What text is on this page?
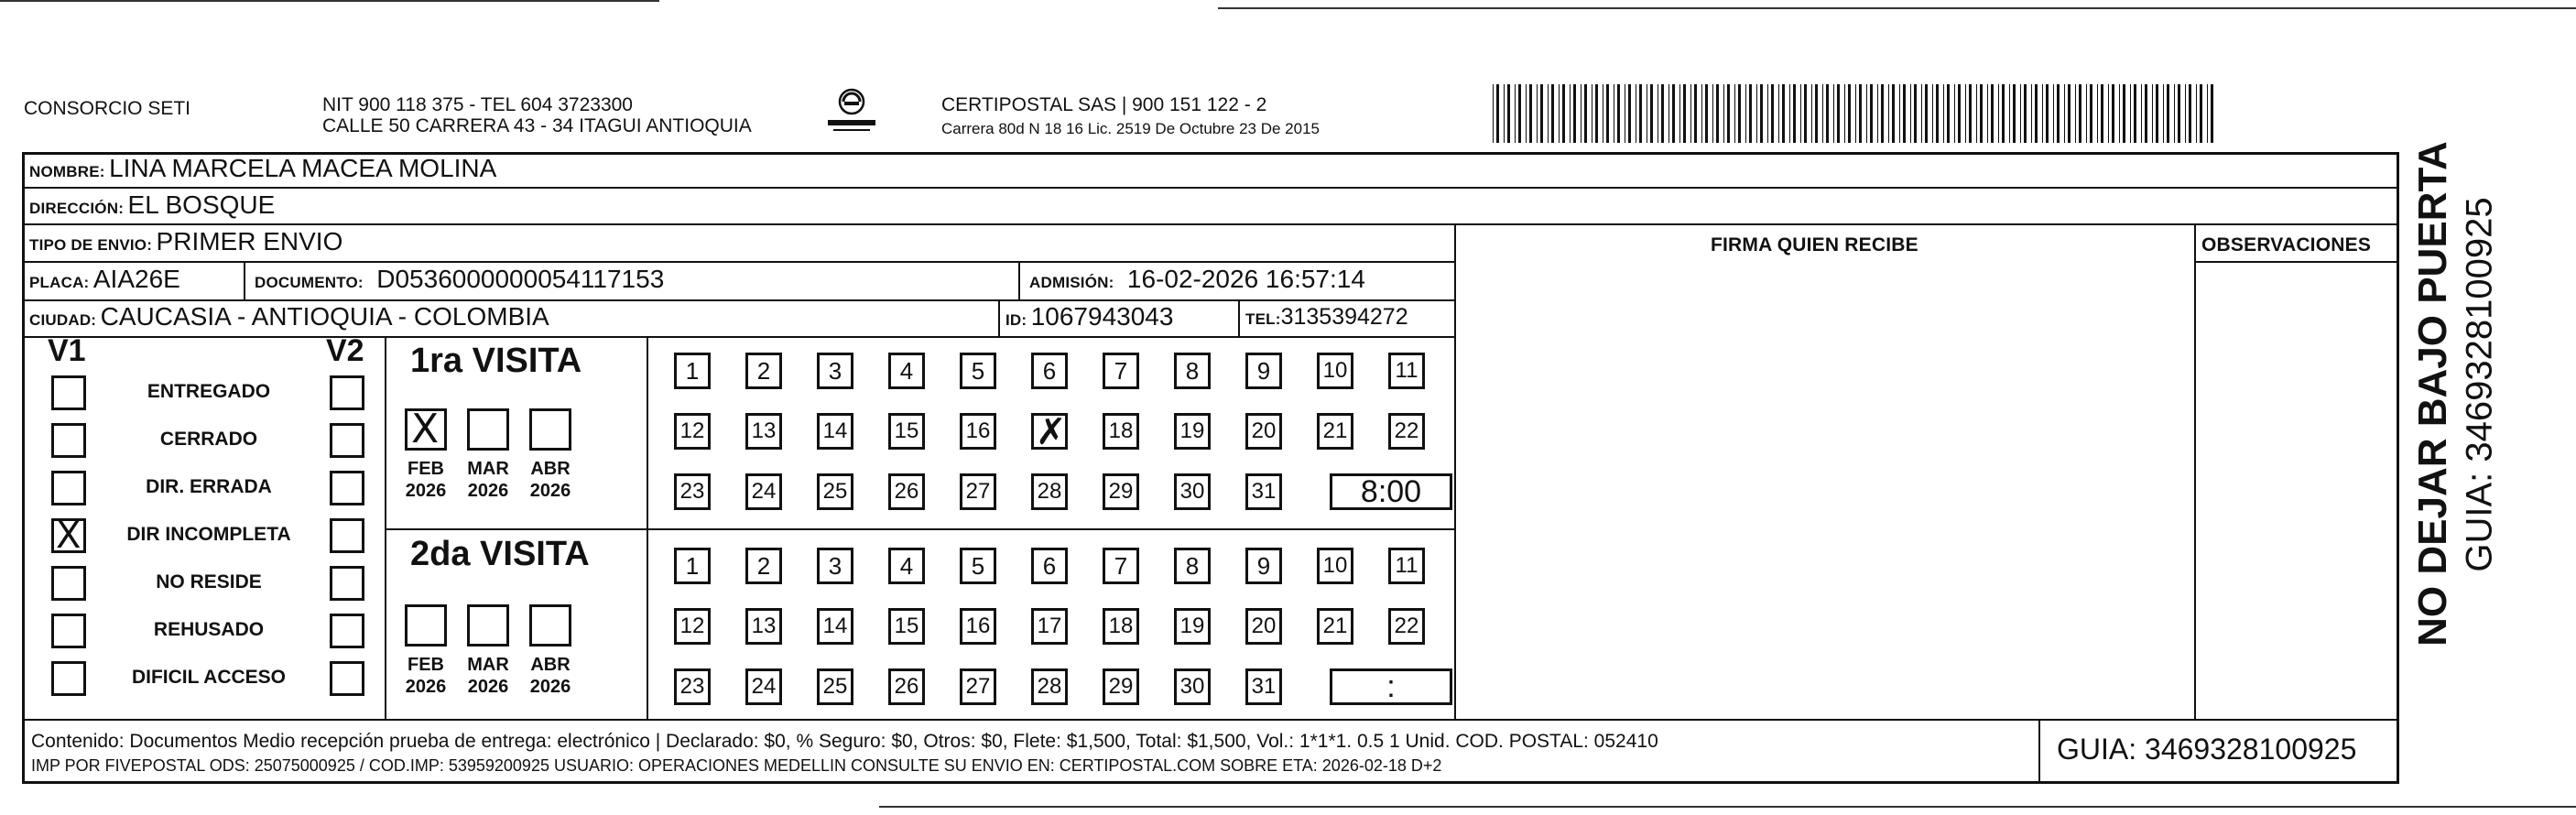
CONSORCIO SETI	NIT 900 118 375 - TEL 604 3723300
CALLE 50 CARRERA 43 - 34 ITAGUI ANTIOQUIA
CERTIPOSTAL SAS | 900 151 122 - 2
Carrera 80d N 18 16 Lic. 2519 De Octubre 23 De 2015
NOMBRE: LINA MARCELA MACEA MOLINA
DIRECCIÓN: EL BOSQUE
TIPO DE ENVIO: PRIMER ENVIO	FIRMA QUIEN RECIBE	OBSERVACIONES
PLACA: AIA26E	DOCUMENTO: D0536000000054117153	ADMISIÓN: 16-02-2026 16:57:14
CIUDAD: CAUCASIA - ANTIOQUIA - COLOMBIA	ID: 1067943043	TEL:3135394272
V1	V2
ENTREGADO
CERRADO
DIR. ERRADA
X	DIR INCOMPLETA
NO RESIDE
REHUSADO
DIFICIL ACCESO
1ra VISITA
X
FEB
2026
MAR
2026
ABR
2026
1	2	3	4	5	6	7	8	9	10	11
12 13 14 15 16 ✗ 18 19 20 21 22
23 24 25 26 27 28 29 30 31	8:00
2da VISITA
FEB
2026
MAR
2026
ABR
2026
1	2	3	4	5	6	7	8	9	10	11
12 13 14 15 16 17 18 19 20 21 22
23 24 25 26 27 28 29 30 31	:
Contenido: Documentos Medio recepción prueba de entrega: electrónico | Declarado: $0, % Seguro: $0, Otros: $0, Flete: $1,500, Total: $1,500, Vol.: 1*1*1. 0.5 1 Unid. COD. POSTAL: 052410
IMP POR FIVEPOSTAL ODS: 25075000925 / COD.IMP: 53959200925 USUARIO: OPERACIONES MEDELLIN CONSULTE SU ENVIO EN: CERTIPOSTAL.COM SOBRE ETA: 2026-02-18 D+2	GUIA: 3469328100925
NO DEJAR BAJO PUERTA GUIA: 3469328100925
